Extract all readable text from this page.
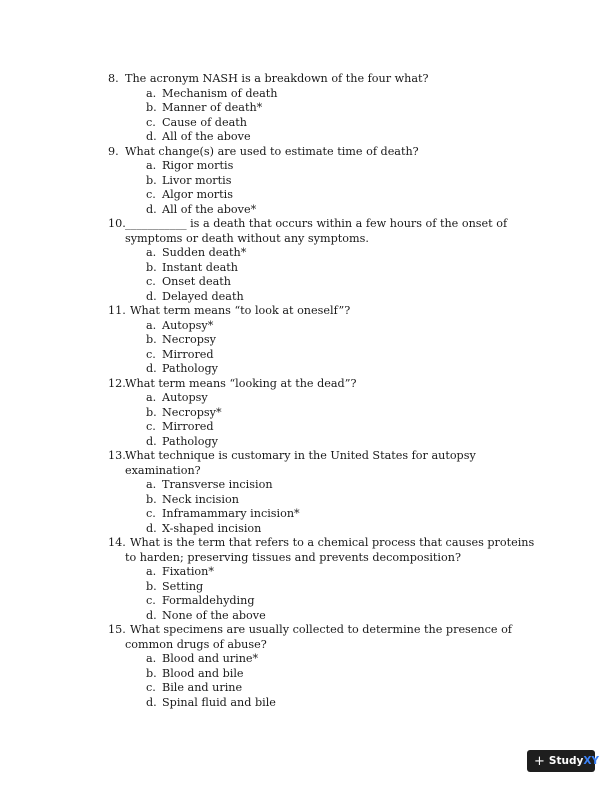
8. The acronym NASH is a breakdown of the four what?
a. Mechanism of death
b. Manner of death*
c. Cause of death
d. All of the above
9. What change(s) are used to estimate time of death?
a. Rigor mortis
b. Livor mortis
c. Algor mortis
d. All of the above*
10. ___________ is a death that occurs within a few hours of the onset of
symptoms or death without any symptoms.
a. Sudden death*
b. Instant death
c. Onset death
d. Delayed death
11. What term means “to look at oneself”?
a. Autopsy*
b. Necropsy
c. Mirrored
d. Pathology
12. What term means “looking at the dead”?
a. Autopsy
b. Necropsy*
c. Mirrored
d. Pathology
13. What technique is customary in the United States for autopsy
examination?
a. Transverse incision
b. Neck incision
c. Inframammary incision*
d. X-shaped incision
14. What is the term that refers to a chemical process that causes proteins
to harden; preserving tissues and prevents decomposition?
a. Fixation*
b. Setting
c. Formaldehyding
d. None of the above
15. What specimens are usually collected to determine the presence of
common drugs of abuse?
a. Blood and urine*
b. Blood and bile
c. Bile and urine
d. Spinal fluid and bile
+ Study XY
